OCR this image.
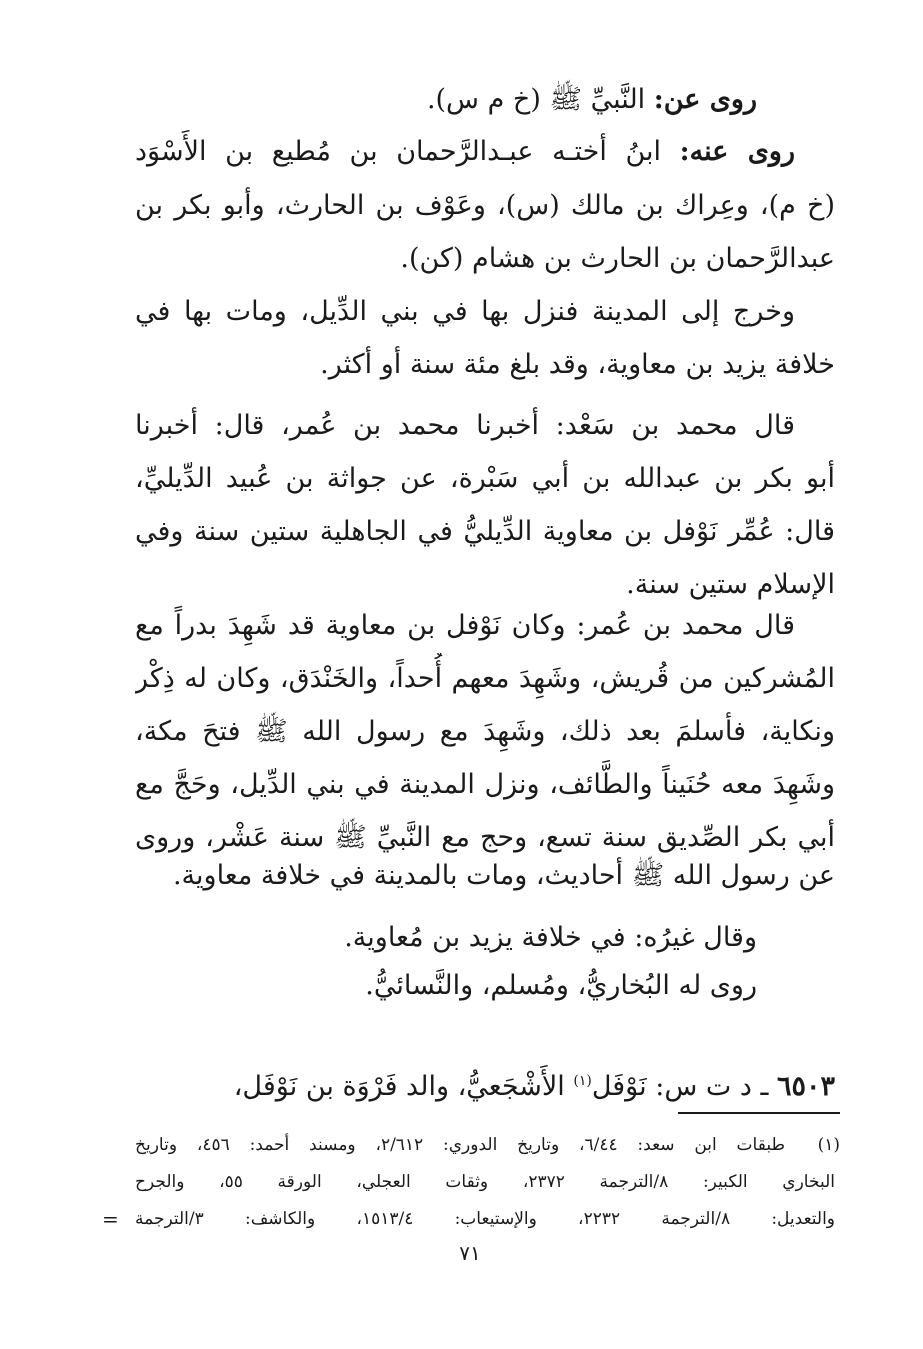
روى عن: النَّبيِّ ﷺ (خ م س).
روى عنه: ابنُ أختـه عبـدالرَّحمان بن مُطيع بن الأَسْوَد
(خ م)، وعِراك بن مالك (س)، وعَوْف بن الحارث، وأبو بكر بن
عبدالرَّحمان بن الحارث بن هشام (كن).
وخرج إلى المدينة فنزل بها في بني الدِّيل، ومات بها في
خلافة يزيد بن معاوية، وقد بلغ مئة سنة أو أكثر.
قال محمد بن سَعْد: أخبرنا محمد بن عُمر، قال: أخبرنا
أبو بكر بن عبدالله بن أبي سَبْرة، عن جواثة بن عُبيد الدِّيليِّ،
قال: عُمِّر نَوْفل بن معاوية الدِّيليُّ في الجاهلية ستين سنة وفي
الإسلام ستين سنة.
قال محمد بن عُمر: وكان نَوْفل بن معاوية قد شَهِدَ بدراً مع
المُشركين من قُريش، وشَهِدَ معهم أُحداً، والخَنْدَق، وكان له ذِكْر
ونكاية، فأسلمَ بعد ذلك، وشَهِدَ مع رسول الله ﷺ فتحَ مكة،
وشَهِدَ معه حُنَيناً والطَّائف، ونزل المدينة في بني الدِّيل، وحَجَّ مع
أبي بكر الصِّديق سنة تسع، وحج مع النَّبيِّ ﷺ سنة عَشْر، وروى
عن رسول الله ﷺ أحاديث، ومات بالمدينة في خلافة معاوية.
وقال غيرُه: في خلافة يزيد بن مُعاوية.
روى له البُخاريُّ، ومُسلم، والنَّسائيُّ.
٦٥٠٣ ـ د ت س: نَوْفَل$^{(١)}$ الأَشْجَعيُّ، والد فَرْوَة بن نَوْفَل،
(١)
طبقات ابن سعد: ٦/٤٤، وتاريخ الدوري: ٢/٦١٢، ومسند أحمد: ٤٥٦، وتاريخ
البخاري الكبير: ٨/الترجمة ٢٣٧٢، وثقات العجلي، الورقة ٥٥، والجرح
والتعديل: ٨/الترجمة ٢٢٣٢، والإستيعاب: ١٥١٣/٤، والكاشف: ٣/الترجمة
=
٧١
